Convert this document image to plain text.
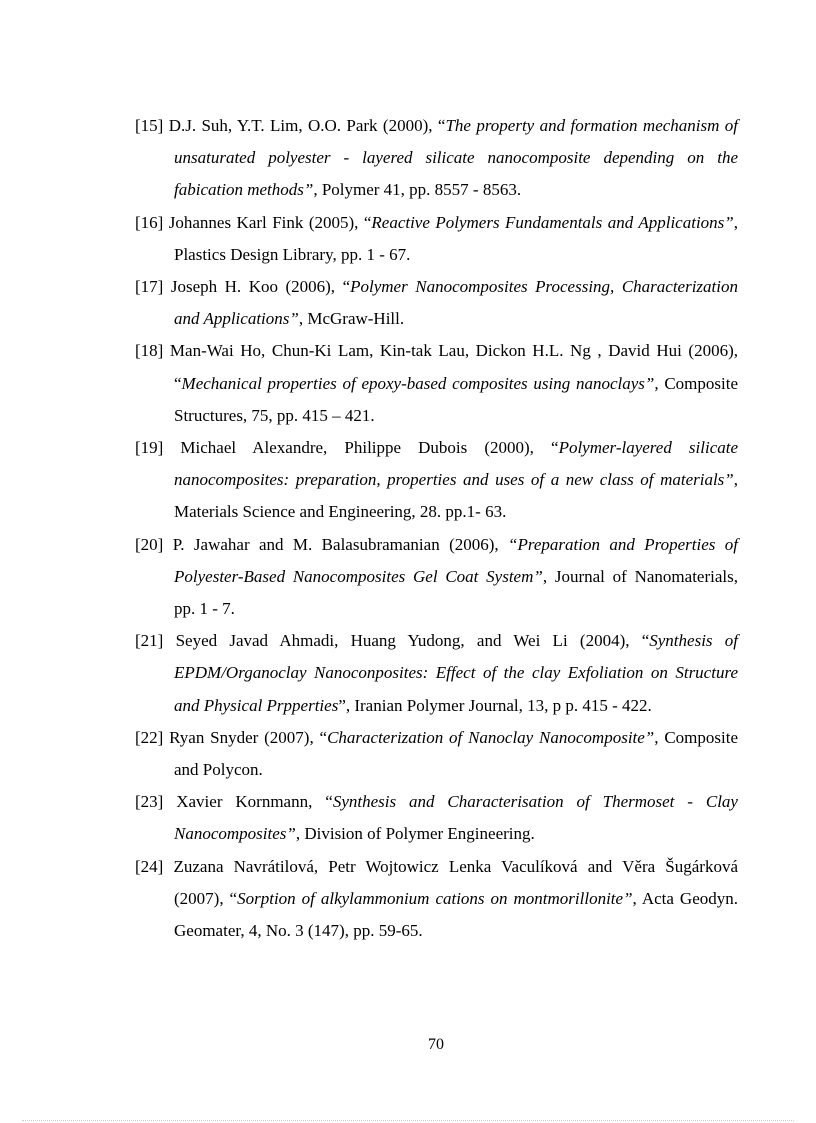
[15] D.J. Suh, Y.T. Lim, O.O. Park (2000), “The property and formation mechanism of unsaturated polyester - layered silicate nanocomposite depending on the fabication methods”, Polymer 41, pp. 8557 - 8563.

[16] Johannes Karl Fink (2005), “Reactive Polymers Fundamentals and Applications”, Plastics Design Library, pp. 1 - 67.

[17] Joseph H. Koo (2006), “Polymer Nanocomposites Processing, Characterization and Applications”, McGraw-Hill.

[18] Man-Wai Ho, Chun-Ki Lam, Kin-tak Lau, Dickon H.L. Ng , David Hui (2006), “Mechanical properties of epoxy-based composites using nanoclays”, Composite Structures, 75, pp. 415 – 421.

[19] Michael Alexandre, Philippe Dubois (2000), “Polymer-layered silicate nanocomposites: preparation, properties and uses of a new class of materials”, Materials Science and Engineering, 28. pp.1- 63.

[20] P. Jawahar and M. Balasubramanian (2006), “Preparation and Properties of Polyester-Based Nanocomposites Gel Coat System”, Journal of Nanomaterials, pp. 1 - 7.

[21] Seyed Javad Ahmadi, Huang Yudong, and Wei Li (2004), “Synthesis of EPDM/Organoclay Nanoconposites: Effect of the clay Exfoliation on Structure and Physical Prpperties”, Iranian Polymer Journal, 13, p p. 415 - 422.

[22] Ryan Snyder (2007), “Characterization of Nanoclay Nanocomposite”, Composite and Polycon.

[23] Xavier Kornmann, “Synthesis and Characterisation of Thermoset - Clay Nanocomposites”, Division of Polymer Engineering.

[24] Zuzana Navrátilová, Petr Wojtowicz Lenka Vaculíková and Věra Šugárková (2007), “Sorption of alkylammonium cations on montmorillonite”, Acta Geodyn. Geomater, 4, No. 3 (147), pp. 59-65.

70
